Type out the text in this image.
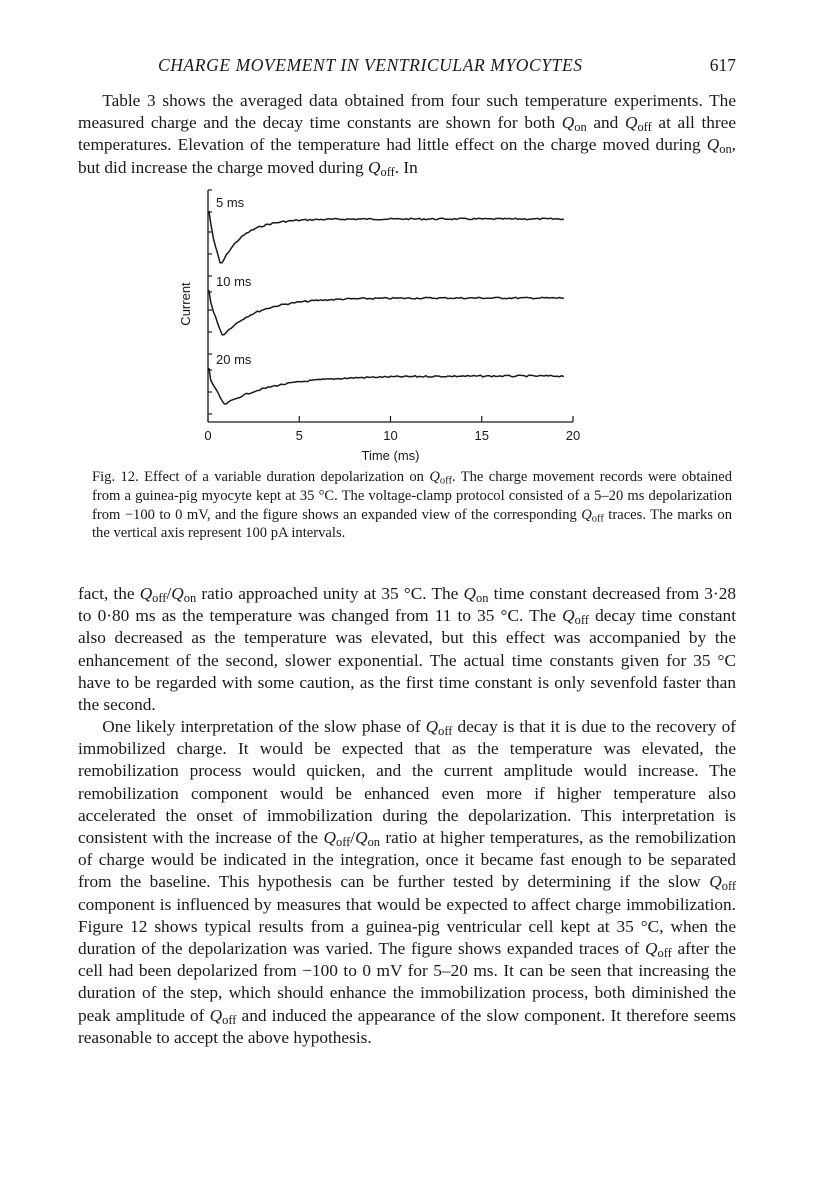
CHARGE MOVEMENT IN VENTRICULAR MYOCYTES	617

Table 3 shows the averaged data obtained from four such temperature experiments. The measured charge and the decay time constants are shown for both $Q_{on}$ and $Q_{off}$ at all three temperatures. Elevation of the temperature had little effect on the charge moved during $Q_{on}$, but did increase the charge moved during $Q_{off}$. In

0	5	10	15	20
Time (ms)
Current
5 ms
10 ms
20 ms

Fig. 12. Effect of a variable duration depolarization on $Q_{off}$. The charge movement records were obtained from a guinea-pig myocyte kept at 35 °C. The voltage-clamp protocol consisted of a 5–20 ms depolarization from −100 to 0 mV, and the figure shows an expanded view of the corresponding $Q_{off}$ traces. The marks on the vertical axis represent 100 pA intervals.

fact, the $Q_{off}/Q_{on}$ ratio approached unity at 35 °C. The $Q_{on}$ time constant decreased from 3·28 to 0·80 ms as the temperature was changed from 11 to 35 °C. The $Q_{off}$ decay time constant also decreased as the temperature was elevated, but this effect was accompanied by the enhancement of the second, slower exponential. The actual time constants given for 35 °C have to be regarded with some caution, as the first time constant is only sevenfold faster than the second.

One likely interpretation of the slow phase of $Q_{off}$ decay is that it is due to the recovery of immobilized charge. It would be expected that as the temperature was elevated, the remobilization process would quicken, and the current amplitude would increase. The remobilization component would be enhanced even more if higher temperature also accelerated the onset of immobilization during the depolarization. This interpretation is consistent with the increase of the $Q_{off}/Q_{on}$ ratio at higher temperatures, as the remobilization of charge would be indicated in the integration, once it became fast enough to be separated from the baseline. This hypothesis can be further tested by determining if the slow $Q_{off}$ component is influenced by measures that would be expected to affect charge immobilization. Figure 12 shows typical results from a guinea-pig ventricular cell kept at 35 °C, when the duration of the depolarization was varied. The figure shows expanded traces of $Q_{off}$ after the cell had been depolarized from −100 to 0 mV for 5–20 ms. It can be seen that increasing the duration of the step, which should enhance the immobilization process, both diminished the peak amplitude of $Q_{off}$ and induced the appearance of the slow component. It therefore seems reasonable to accept the above hypothesis.
